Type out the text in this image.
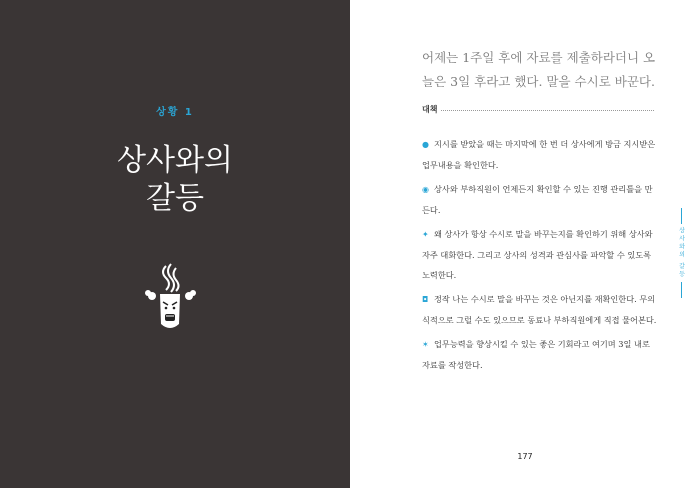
상황 1
상사와의
갈등
어제는 1주일 후에 자료를 제출하라더니 오늘은 3일 후라고 했다. 말을 수시로 바꾼다.
대책
● 지시를 받았을 때는 마지막에 한 번 더 상사에게 방금 지시받은 업무내용을 확인한다.
◉ 상사와 부하직원이 언제든지 확인할 수 있는 진행 관리틀을 만든다.
✦ 왜 상사가 항상 수시로 말을 바꾸는지를 확인하기 위해 상사와 자주 대화한다. 그리고 상사의 성격과 관심사를 파악할 수 있도록 노력한다.
◘ 정작 나는 수시로 말을 바꾸는 것은 아닌지를 재확인한다. 무의식적으로 그럴 수도 있으므로 동료나 부하직원에게 직접 물어본다.
✶ 업무능력을 향상시킬 수 있는 좋은 기회라고 여기며 3일 내로 자료를 작성한다.
상사와의 갈등
177
